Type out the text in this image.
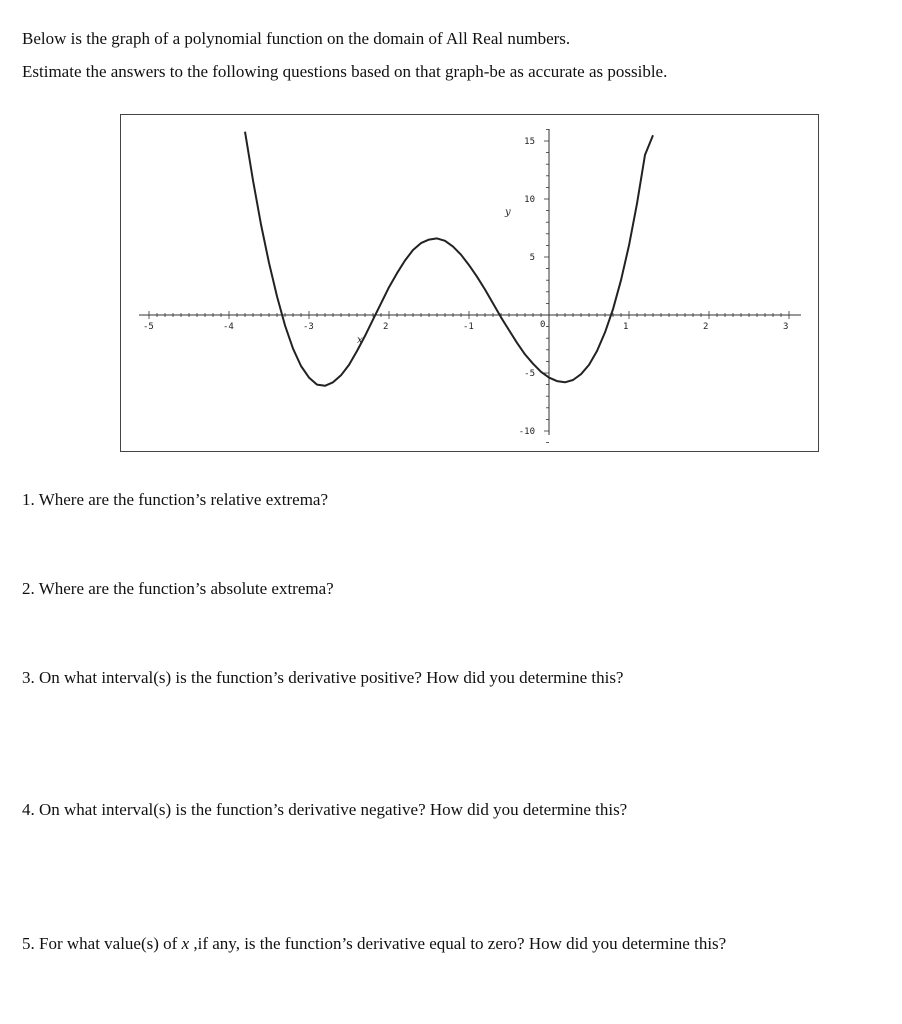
Below is the graph of a polynomial function on the domain of All Real numbers.

Estimate the answers to the following questions based on that graph-be as accurate as possible.

-5	-4	-3	2	-1	1	2	3
0
-10
-5
5
10
15
x
y

1. Where are the function’s relative extrema?

2. Where are the function’s absolute extrema?

3. On what interval(s) is the function’s derivative positive? How did you determine this?

4. On what interval(s) is the function’s derivative negative? How did you determine this?

5. For what value(s) of x ,if any, is the function’s derivative equal to zero? How did you determine this?
